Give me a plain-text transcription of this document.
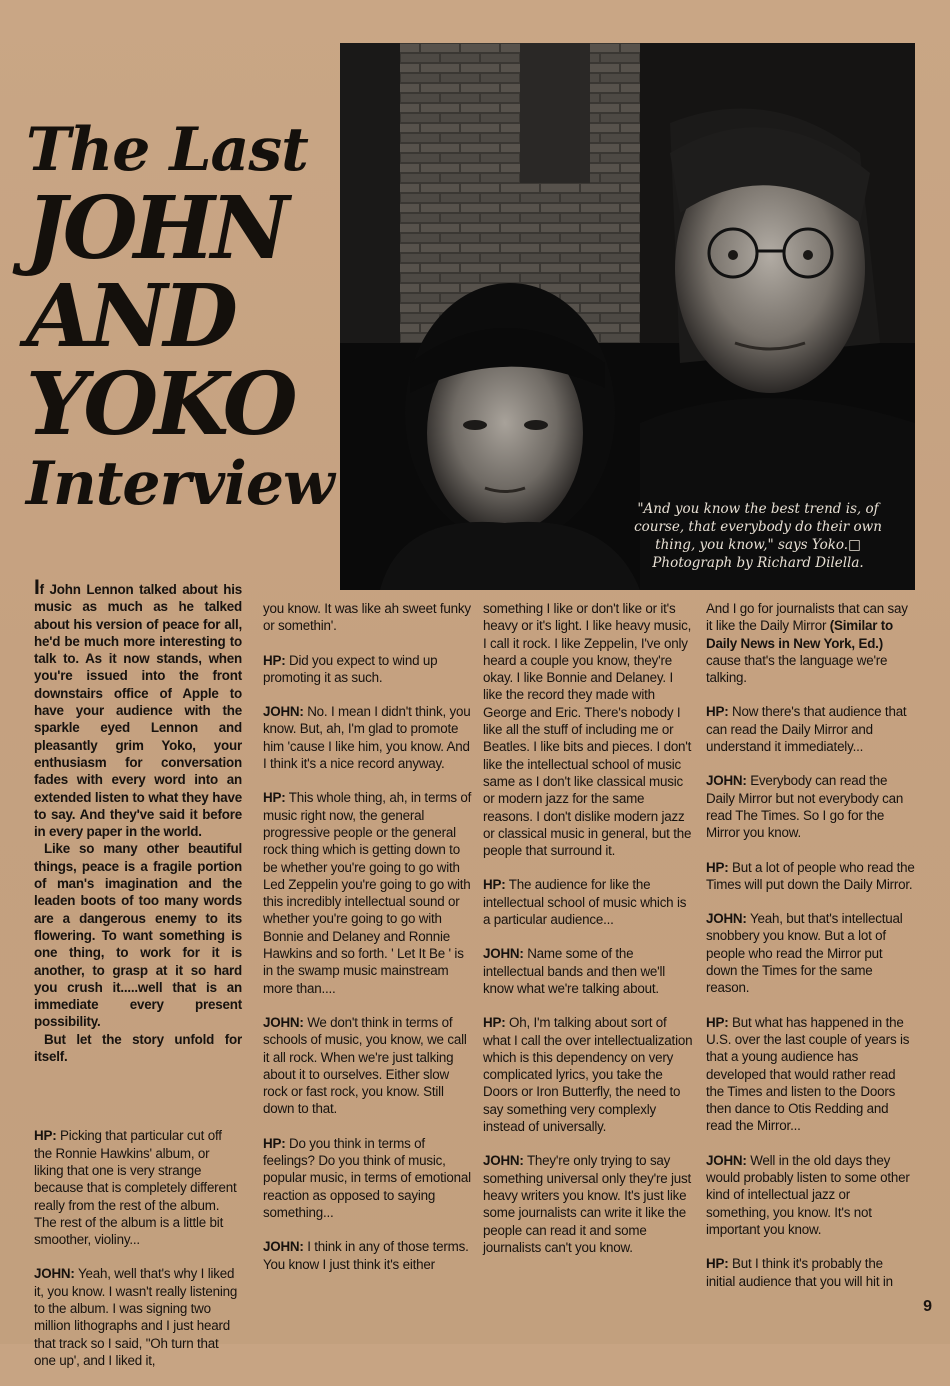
The Last
JOHN
AND
YOKO
Interview	"And you know the best trend is, of course, that everybody do their own thing, you know," says Yoko.□ Photograph by Richard Dilella.

If John Lennon talked about his music as much as he talked about his version of peace for all, he'd be much more interesting to talk to. As it now stands, when you're issued into the front downstairs office of Apple to have your audience with the sparkle eyed Lennon and pleasantly grim Yoko, your enthusiasm for conversation fades with every word into an extended listen to what they have to say. And they've said it before in every paper in the world.

Like so many other beautiful things, peace is a fragile portion of man's imagination and the leaden boots of too many words are a dangerous enemy to its flowering. To want something is one thing, to work for it is another, to grasp at it so hard you crush it.....well that is an immediate every present possibility.

But let the story unfold for itself.

HP: Picking that particular cut off the Ronnie Hawkins' album, or liking that one is very strange because that is completely different really from the rest of the album. The rest of the album is a little bit smoother, violiny...

JOHN: Yeah, well that's why I liked it, you know. I wasn't really listening to the album. I was signing two million lithographs and I just heard that track so I said, "Oh turn that one up', and I liked it,

you know. It was like ah sweet funky or somethin'.

HP: Did you expect to wind up promoting it as such.

JOHN: No. I mean I didn't think, you know. But, ah, I'm glad to promote him 'cause I like him, you know. And I think it's a nice record anyway.

HP: This whole thing, ah, in terms of music right now, the general progressive people or the general rock thing which is getting down to be whether you're going to go with Led Zeppelin you're going to go with this incredibly intellectual sound or whether you're going to go with Bonnie and Delaney and Ronnie Hawkins and so forth. ' Let It Be ' is in the swamp music mainstream more than....

JOHN: We don't think in terms of schools of music, you know, we call it all rock. When we're just talking about it to ourselves. Either slow rock or fast rock, you know. Still down to that.

HP: Do you think in terms of feelings? Do you think of music, popular music, in terms of emotional reaction as opposed to saying something...

JOHN: I think in any of those terms. You know I just think it's either

something I like or don't like or it's heavy or it's light. I like heavy music, I call it rock. I like Zeppelin, I've only heard a couple you know, they're okay. I like Bonnie and Delaney. I like the record they made with George and Eric. There's nobody I like all the stuff of including me or Beatles. I like bits and pieces. I don't like the intellectual school of music same as I don't like classical music or modern jazz for the same reasons. I don't dislike modern jazz or classical music in general, but the people that surround it.

HP: The audience for like the intellectual school of music which is a particular audience...

JOHN: Name some of the intellectual bands and then we'll know what we're talking about.

HP: Oh, I'm talking about sort of what I call the over intellectualization which is this dependency on very complicated lyrics, you take the Doors or Iron Butterfly, the need to say something very complexly instead of universally.

JOHN: They're only trying to say something universal only they're just heavy writers you know. It's just like some journalists can write it like the people can read it and some journalists can't you know.

And I go for journalists that can say it like the Daily Mirror (Similar to Daily News in New York, Ed.) cause that's the language we're talking.

HP: Now there's that audience that can read the Daily Mirror and understand it immediately...

JOHN: Everybody can read the Daily Mirror but not everybody can read The Times. So I go for the Mirror you know.

HP: But a lot of people who read the Times will put down the Daily Mirror.

JOHN: Yeah, but that's intellectual snobbery you know. But a lot of people who read the Mirror put down the Times for the same reason.

HP: But what has happened in the U.S. over the last couple of years is that a young audience has developed that would rather read the Times and listen to the Doors then dance to Otis Redding and read the Mirror...

JOHN: Well in the old days they would probably listen to some other kind of intellectual jazz or something, you know. It's not important you know.

HP: But I think it's probably the initial audience that you will hit in

9
